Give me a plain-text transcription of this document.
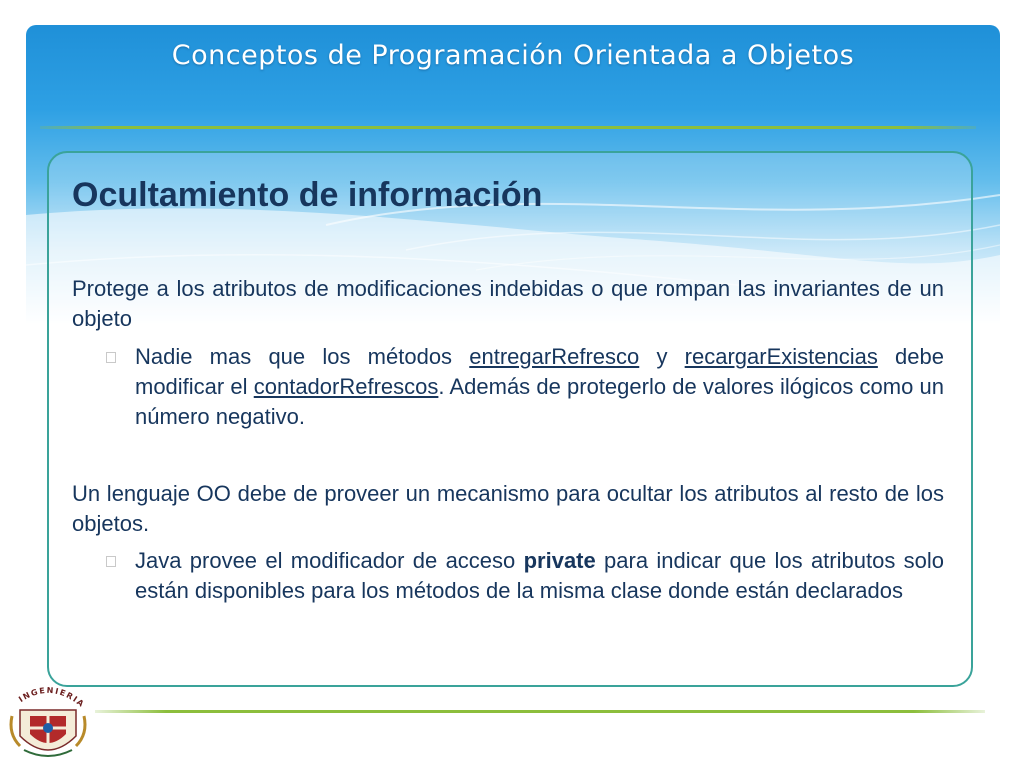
Conceptos de Programación Orientada a Objetos
Ocultamiento de información
Protege a los atributos de modificaciones indebidas o que rompan las invariantes de un objeto
Nadie mas que los métodos entregarRefresco y recargarExistencias debe modificar el contadorRefrescos. Además de protegerlo de valores ilógicos como un número negativo.
Un lenguaje OO debe de proveer un mecanismo para ocultar los atributos al resto de los objetos.
Java provee el modificador de acceso private para indicar que los atributos solo están disponibles para los métodos de la misma clase donde están declarados
INGENIERIA
